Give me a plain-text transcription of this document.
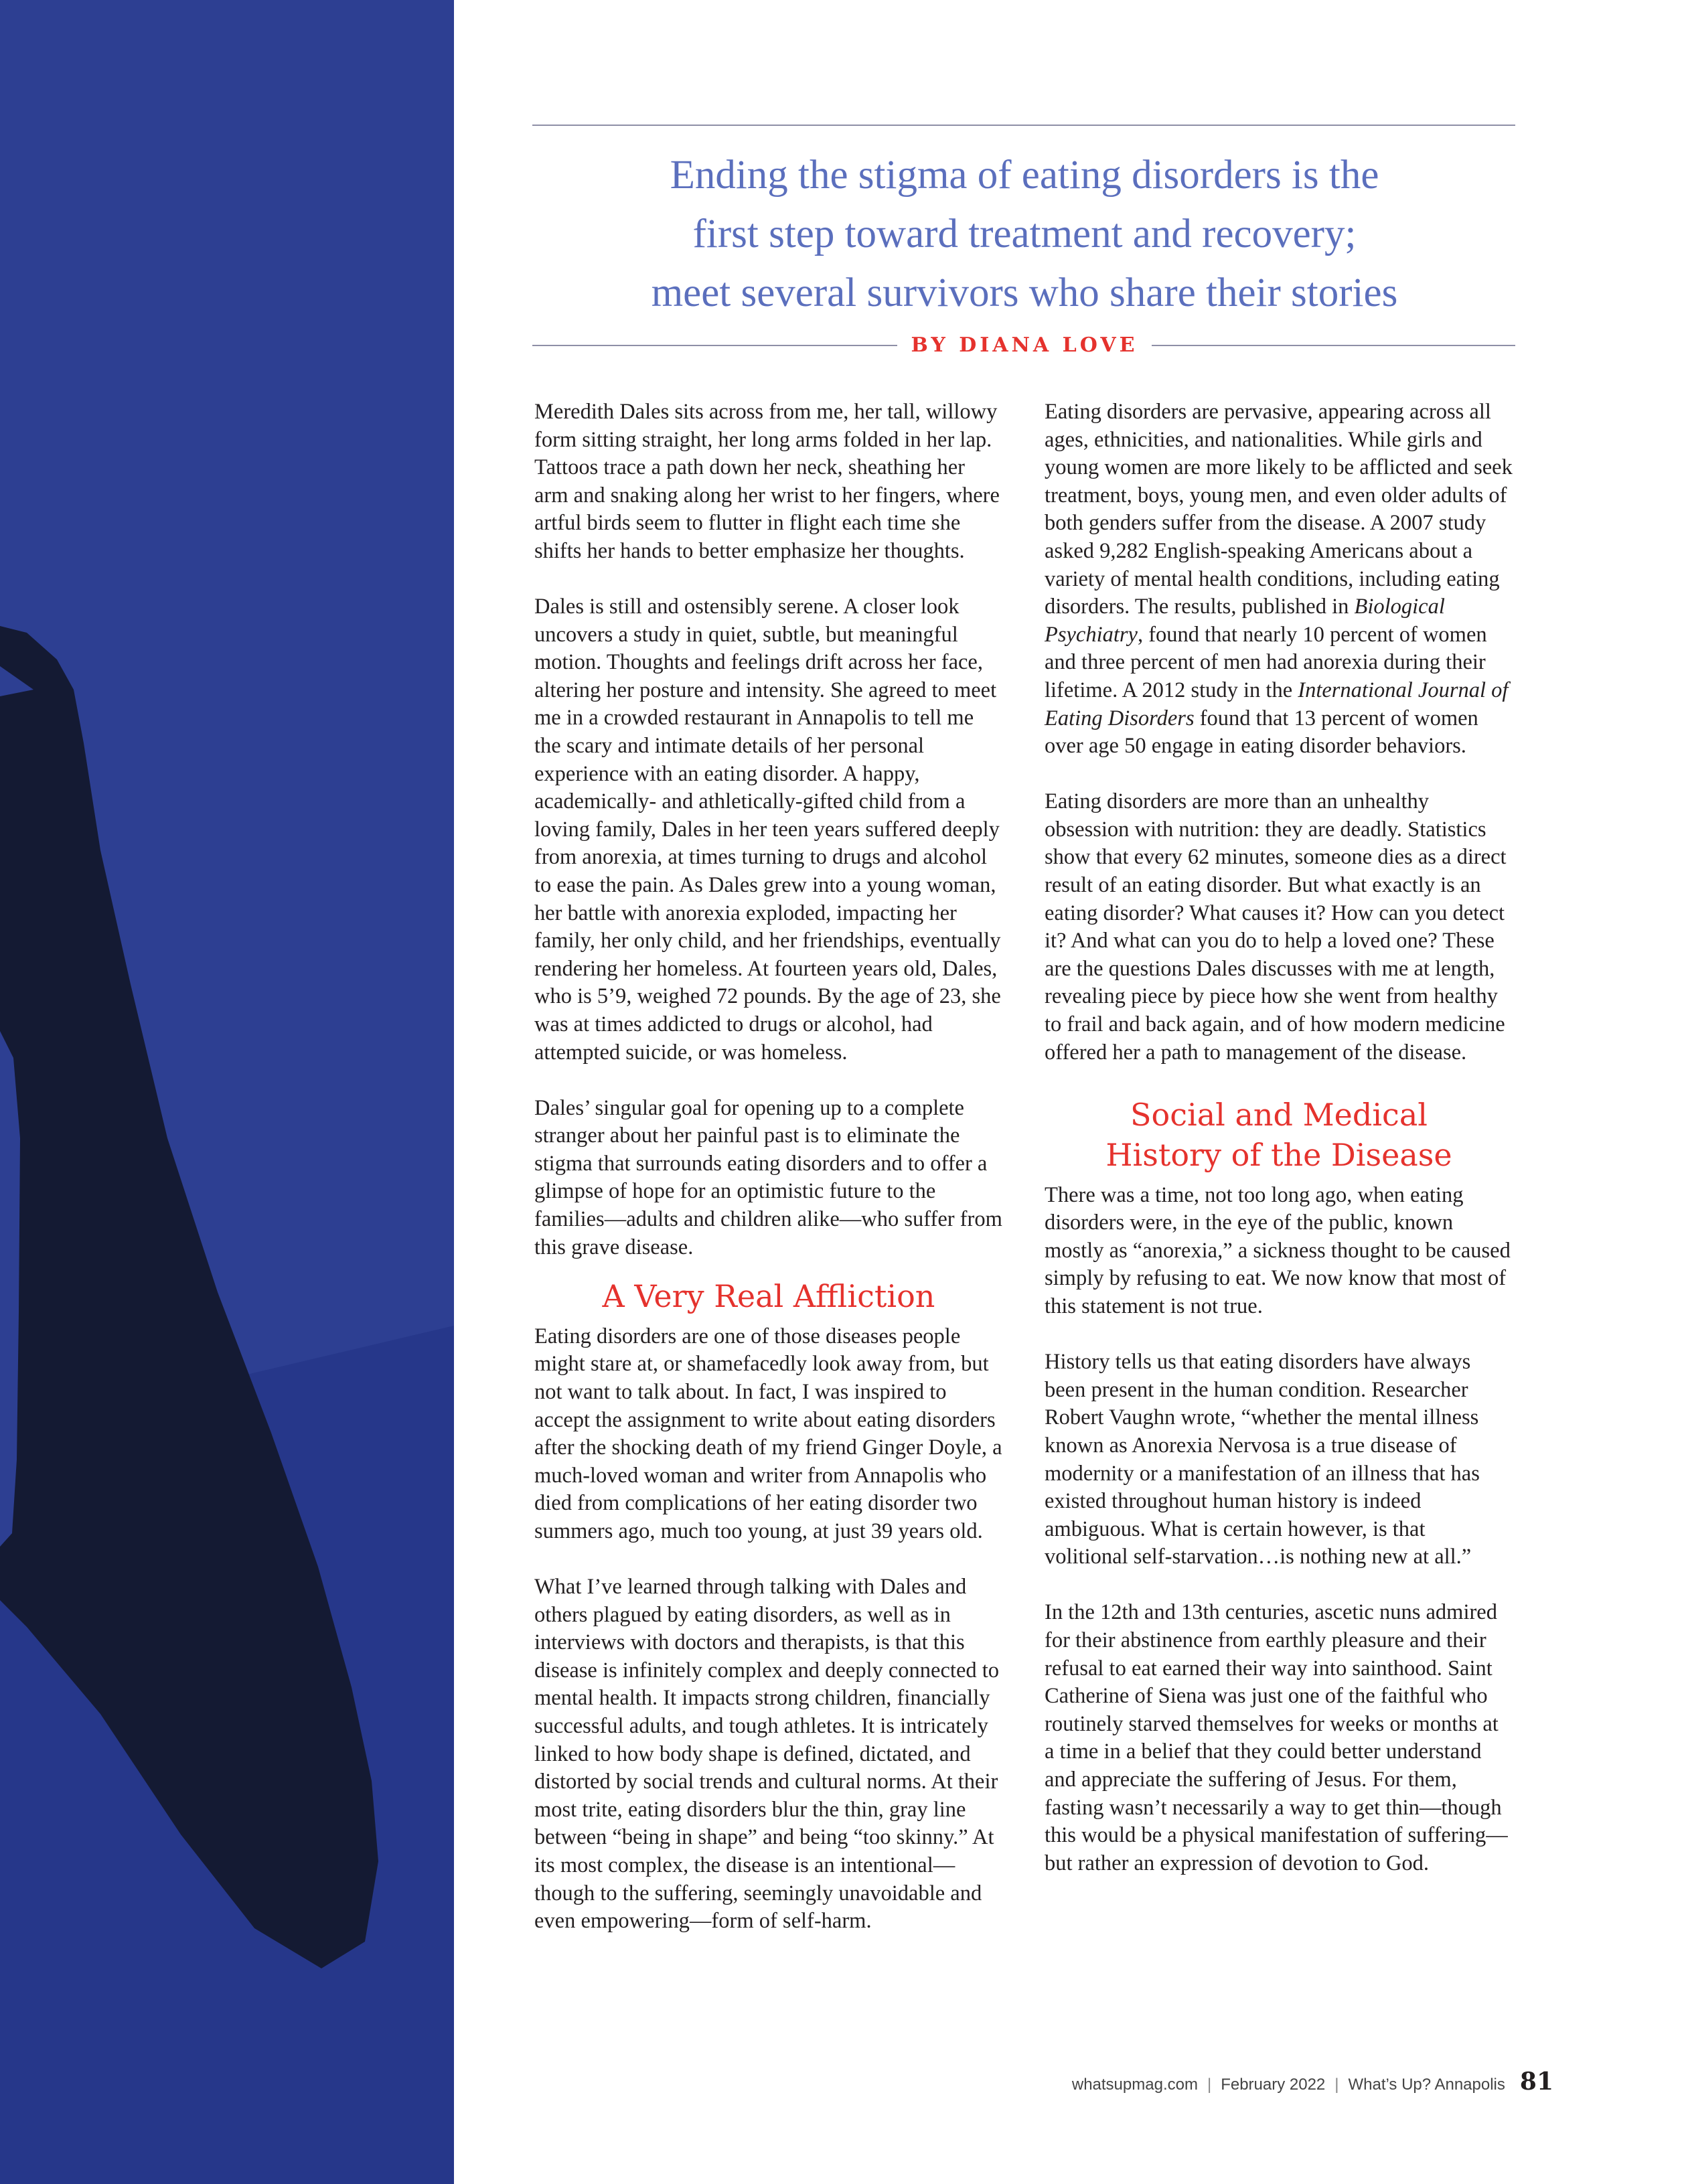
Ending the stigma of eating disorders is the
first step toward treatment and recovery;
meet several survivors who share their stories
BY DIANA LOVE

Meredith Dales sits across from me, her tall, willowy form sitting straight, her long arms folded in her lap. Tattoos trace a path down her neck, sheathing her arm and snaking along her wrist to her fingers, where artful birds seem to flutter in flight each time she shifts her hands to better emphasize her thoughts.

Dales is still and ostensibly serene. A closer look uncovers a study in quiet, subtle, but meaningful motion. Thoughts and feelings drift across her face, altering her posture and intensity. She agreed to meet me in a crowded restaurant in Annapolis to tell me the scary and intimate details of her personal experience with an eating disorder. A happy, academically- and athletically-gifted child from a loving family, Dales in her teen years suffered deeply from anorexia, at times turning to drugs and alcohol to ease the pain. As Dales grew into a young woman, her battle with anorexia exploded, impacting her family, her only child, and her friendships, eventually rendering her homeless. At fourteen years old, Dales, who is 5’9, weighed 72 pounds. By the age of 23, she was at times addicted to drugs or alcohol, had attempted suicide, or was homeless.

Dales’ singular goal for opening up to a complete stranger about her painful past is to eliminate the stigma that surrounds eating disorders and to offer a glimpse of hope for an optimistic future to the families—adults and children alike—who suffer from this grave disease.

A Very Real Affliction

Eating disorders are one of those diseases people might stare at, or shamefacedly look away from, but not want to talk about. In fact, I was inspired to accept the assignment to write about eating disorders after the shocking death of my friend Ginger Doyle, a much-loved woman and writer from Annapolis who died from complications of her eating disorder two summers ago, much too young, at just 39 years old.

What I’ve learned through talking with Dales and others plagued by eating disorders, as well as in interviews with doctors and therapists, is that this disease is infinitely complex and deeply connected to mental health. It impacts strong children, financially successful adults, and tough athletes. It is intricately linked to how body shape is defined, dictated, and distorted by social trends and cultural norms. At their most trite, eating disorders blur the thin, gray line between “being in shape” and being “too skinny.” At its most complex, the disease is an intentional—though to the suffering, seemingly unavoidable and even empowering—form of self-harm.

Eating disorders are pervasive, appearing across all ages, ethnicities, and nationalities. While girls and young women are more likely to be afflicted and seek treatment, boys, young men, and even older adults of both genders suffer from the disease. A 2007 study asked 9,282 English-speaking Americans about a variety of mental health conditions, including eating disorders. The results, published in Biological Psychiatry, found that nearly 10 percent of women and three percent of men had anorexia during their lifetime. A 2012 study in the International Journal of Eating Disorders found that 13 percent of women over age 50 engage in eating disorder behaviors.

Eating disorders are more than an unhealthy obsession with nutrition: they are deadly. Statistics show that every 62 minutes, someone dies as a direct result of an eating disorder. But what exactly is an eating disorder? What causes it? How can you detect it? And what can you do to help a loved one? These are the questions Dales discusses with me at length, revealing piece by piece how she went from healthy to frail and back again, and of how modern medicine offered her a path to management of the disease.

Social and Medical
History of the Disease

There was a time, not too long ago, when eating disorders were, in the eye of the public, known mostly as “anorexia,” a sickness thought to be caused simply by refusing to eat. We now know that most of this statement is not true.

History tells us that eating disorders have always been present in the human condition. Researcher Robert Vaughn wrote, “whether the mental illness known as Anorexia Nervosa is a true disease of modernity or a manifestation of an illness that has existed throughout human history is indeed ambiguous. What is certain however, is that volitional self-starvation…is nothing new at all.”

In the 12th and 13th centuries, ascetic nuns admired for their abstinence from earthly pleasure and their refusal to eat earned their way into sainthood. Saint Catherine of Siena was just one of the faithful who routinely starved themselves for weeks or months at a time in a belief that they could better understand and appreciate the suffering of Jesus. For them, fasting wasn’t necessarily a way to get thin—though this would be a physical manifestation of suffering—but rather an expression of devotion to God.

whatsupmag.com | February 2022 | What’s Up? Annapolis 81
